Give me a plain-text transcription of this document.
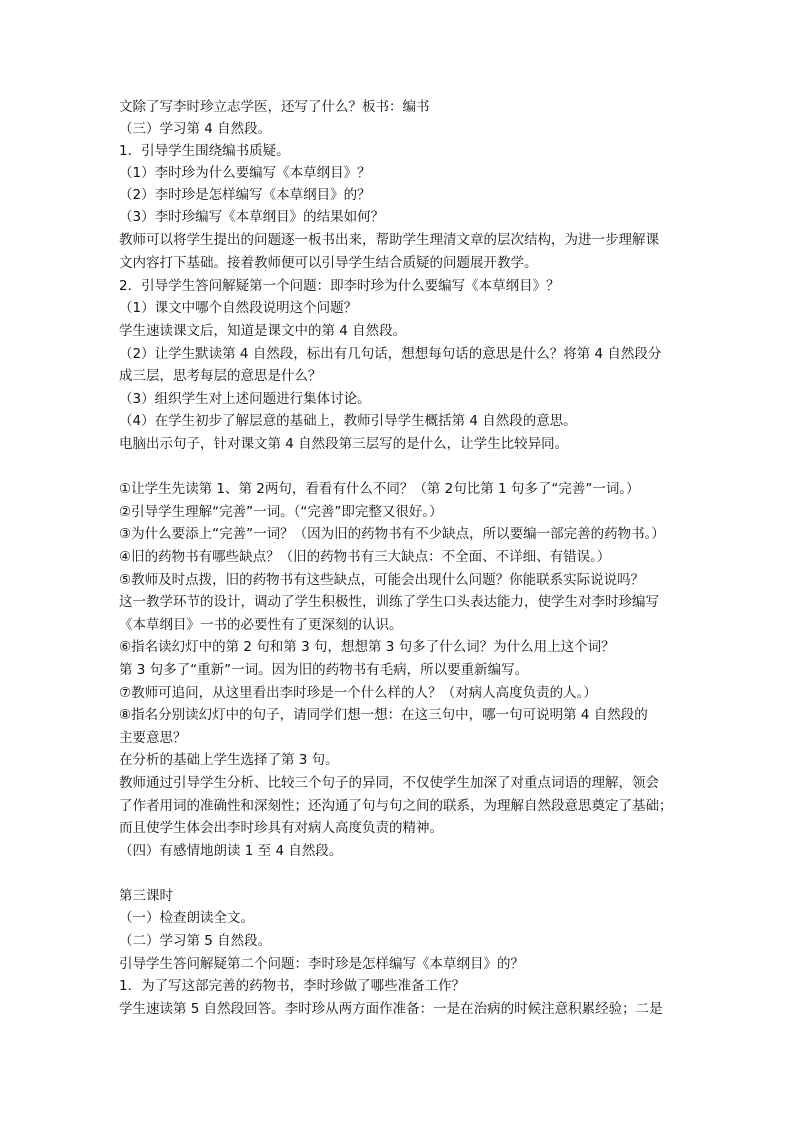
文除了写李时珍立志学医，还写了什么？板书：编书
（三）学习第 4 自然段。
1．引导学生围绕编书质疑。
（1）李时珍为什么要编写《本草纲目》？
（2）李时珍是怎样编写《本草纲目》的？
（3）李时珍编写《本草纲目》的结果如何？
教师可以将学生提出的问题逐一板书出来，帮助学生理清文章的层次结构，为进一步理解课
文内容打下基础。接着教师便可以引导学生结合质疑的问题展开教学。
2．引导学生答问解疑第一个问题：即李时珍为什么要编写《本草纲目》？
（1）课文中哪个自然段说明这个问题？
学生速读课文后，知道是课文中的第 4 自然段。
（2）让学生默读第 4 自然段，标出有几句话，想想每句话的意思是什么？将第 4 自然段分
成三层，思考每层的意思是什么？
（3）组织学生对上述问题进行集体讨论。
（4）在学生初步了解层意的基础上，教师引导学生概括第 4 自然段的意思。
电脑出示句子，针对课文第 4 自然段第三层写的是什么，让学生比较异同。
①让学生先读第 1、第 2两句，看看有什么不同？（第 2句比第 1 句多了“完善”一词。）
②引导学生理解“完善”一词。（“完善”即完整又很好。）
③为什么要添上“完善”一词？（因为旧的药物书有不少缺点，所以要编一部完善的药物书。）
④旧的药物书有哪些缺点？（旧的药物书有三大缺点：不全面、不详细、有错误。）
⑤教师及时点拨，旧的药物书有这些缺点，可能会出现什么问题？你能联系实际说说吗？
这一教学环节的设计，调动了学生积极性，训练了学生口头表达能力，使学生对李时珍编写
《本草纲目》一书的必要性有了更深刻的认识。
⑥指名读幻灯中的第 2 句和第 3 句，想想第 3 句多了什么词？为什么用上这个词？
第 3 句多了“重新”一词。因为旧的药物书有毛病，所以要重新编写。
⑦教师可追问，从这里看出李时珍是一个什么样的人？（对病人高度负责的人。）
⑧指名分别读幻灯中的句子，请同学们想一想：在这三句中，哪一句可说明第 4 自然段的
主要意思？
在分析的基础上学生选择了第 3 句。
教师通过引导学生分析、比较三个句子的异同，不仅使学生加深了对重点词语的理解，领会
了作者用词的准确性和深刻性；还沟通了句与句之间的联系，为理解自然段意思奠定了基础；
而且使学生体会出李时珍具有对病人高度负责的精神。
（四）有感情地朗读 1 至 4 自然段。
第三课时
（一）检查朗读全文。
（二）学习第 5 自然段。
引导学生答问解疑第二个问题：李时珍是怎样编写《本草纲目》的？
1．为了写这部完善的药物书，李时珍做了哪些准备工作？
学生速读第 5 自然段回答。李时珍从两方面作准备：一是在治病的时候注意积累经验；二是
